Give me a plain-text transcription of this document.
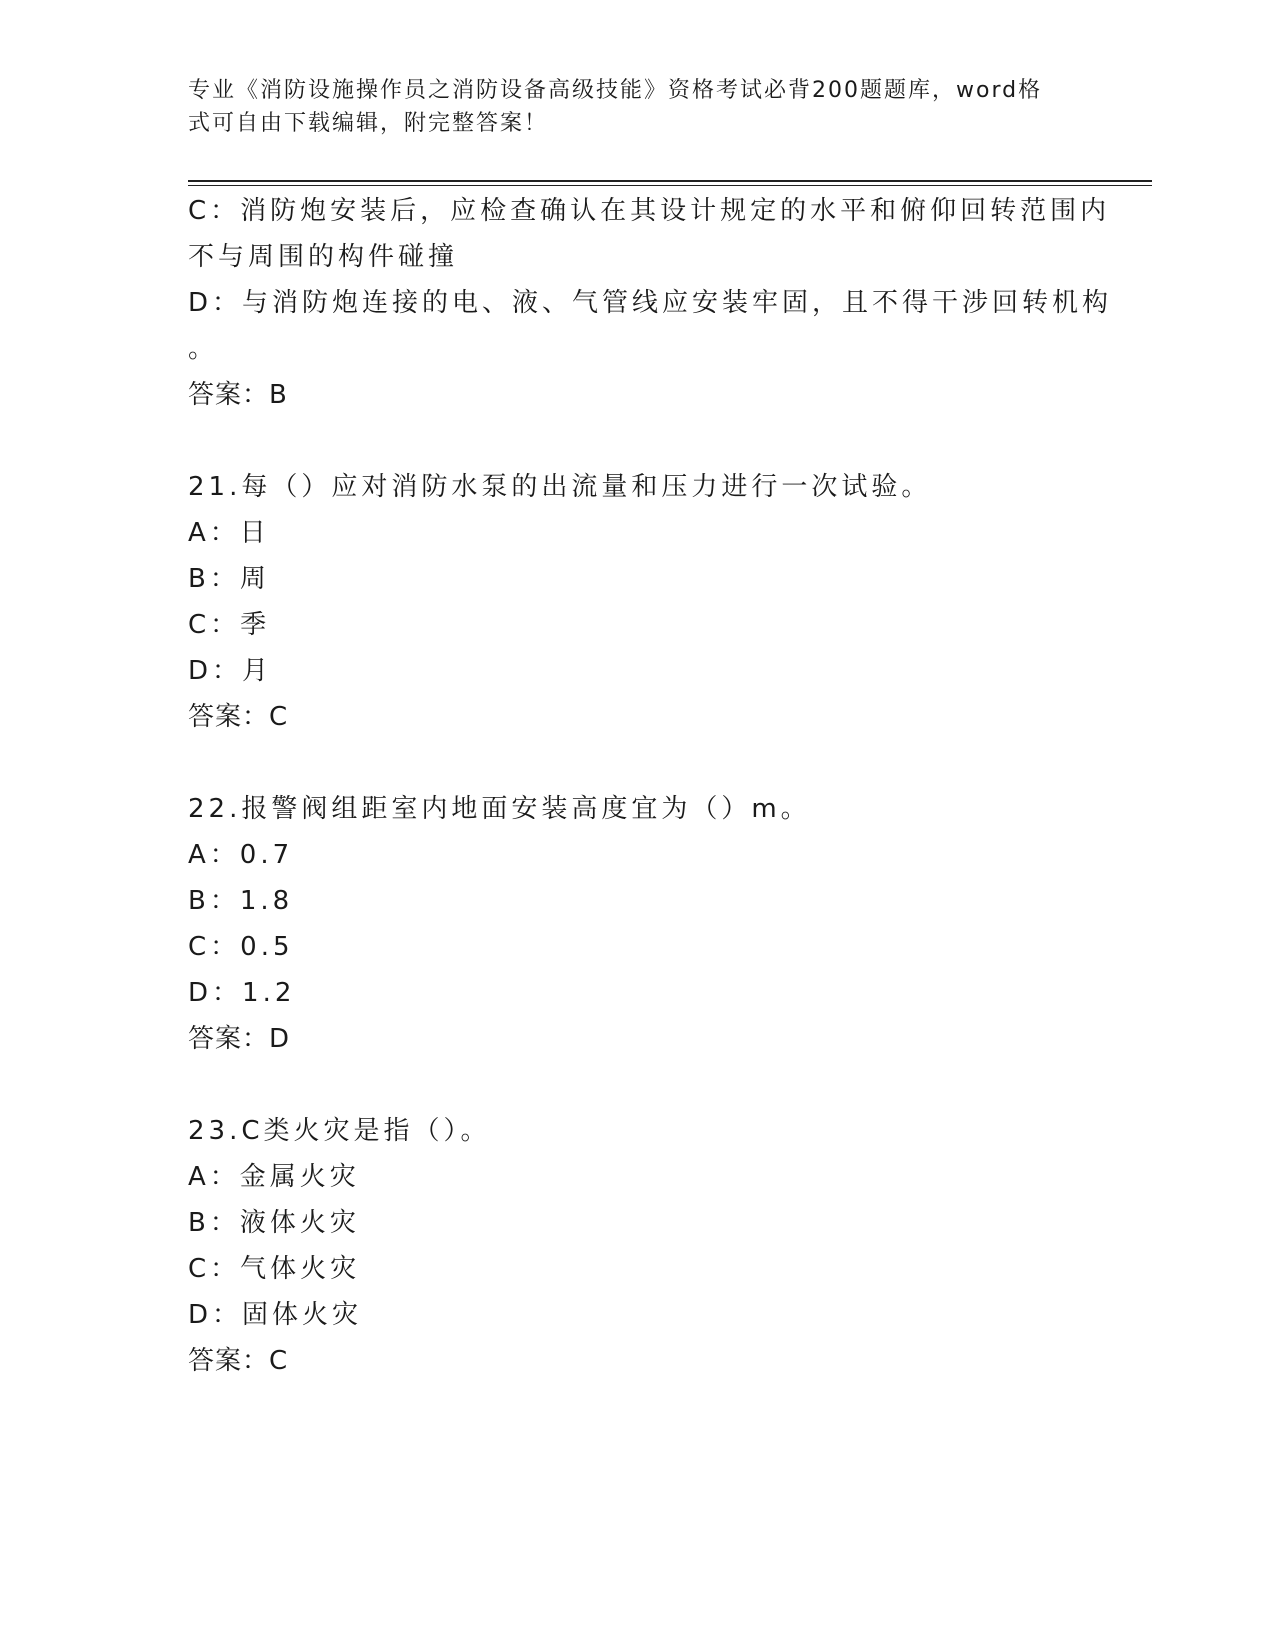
专业《消防设施操作员之消防设备高级技能》资格考试必背200题题库，word格
式可自由下载编辑，附完整答案！
C：消防炮安装后，应检查确认在其设计规定的水平和俯仰回转范围内
不与周围的构件碰撞
D：与消防炮连接的电、液、气管线应安装牢固，且不得干涉回转机构
。
答案：B
21.每（）应对消防水泵的出流量和压力进行一次试验。
A：日
B：周
C：季
D：月
答案：C
22.报警阀组距室内地面安装高度宜为（）m。
A：0.7
B：1.8
C：0.5
D：1.2
答案：D
23.C类火灾是指（）。
A：金属火灾
B：液体火灾
C：气体火灾
D：固体火灾
答案：C
